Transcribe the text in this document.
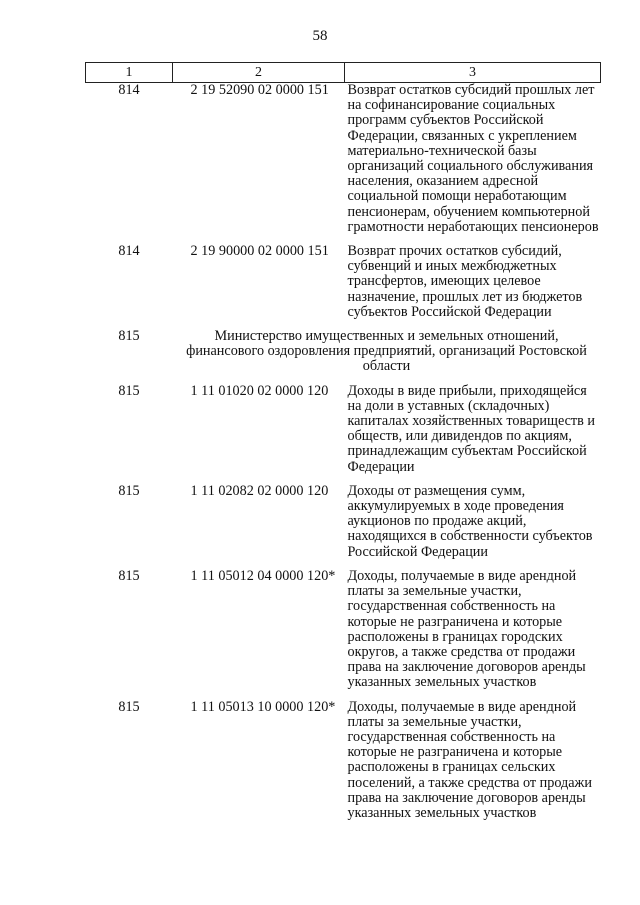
58
1	2	3
814	2 19 52090 02 0000 151	Возврат остатков субсидий прошлых лет на софинансирование социальных программ субъектов Российской Федерации, связанных с укреплением материально-технической базы организаций социального обслуживания населения, оказанием адресной социальной помощи неработающим пенсионерам, обучением компьютерной грамотности неработающих пенсионеров
814	2 19 90000 02 0000 151	Возврат прочих остатков субсидий, субвенций и иных межбюджетных трансфертов, имеющих целевое назначение, прошлых лет из бюджетов субъектов Российской Федерации
815	Министерство имущественных и земельных отношений, финансового оздоровления предприятий, организаций Ростовской области	
815	1 11 01020 02 0000 120	Доходы в виде прибыли, приходящейся на доли в уставных (складочных) капиталах хозяйственных товариществ и обществ, или дивидендов по акциям, принадлежащим субъектам Российской Федерации
815	1 11 02082 02 0000 120	Доходы от размещения сумм, аккумулируемых в ходе проведения аукционов по продаже акций, находящихся в собственности субъектов Российской Федерации
815	1 11 05012 04 0000 120*	Доходы, получаемые в виде арендной платы за земельные участки, государственная собственность на которые не разграничена и которые расположены в границах городских округов, а также средства от продажи права на заключение договоров аренды указанных земельных участков
815	1 11 05013 10 0000 120*	Доходы, получаемые в виде арендной платы за земельные участки, государственная собственность на которые не разграничена и которые расположены в границах сельских поселений, а также средства от продажи права на заключение договоров аренды указанных земельных участков
